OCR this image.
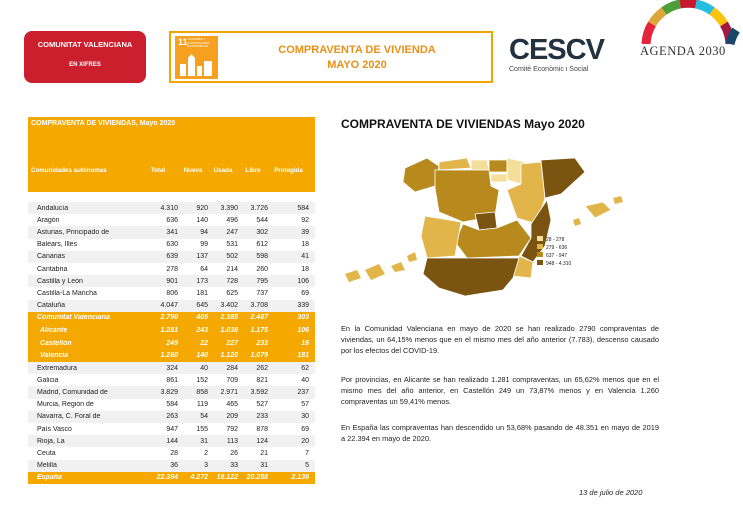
COMUNITAT VALENCIANA
EN XIFRES
11 CIUDADES Y COMUNIDADES SOSTENIBLES	COMPRAVENTA DE VIVIENDA
MAYO 2020	CESCV
Comitè Econòmic i Social
AGENDA 2030
COMPRAVENTA DE VIVIENDAS, Mayo 2020
Comunidades autónomas	Total	Nueva	Usada	Libre	Protegida
Andalucía	4.310	920	3.390	3.726	584
Aragón	636	140	496	544	92
Asturias, Principado de	341	94	247	302	39
Balears, Illes	630	99	531	612	18
Canarias	639	137	502	598	41
Cantabria	278	64	214	260	18
Castilla y León	901	173	728	795	106
Castilla-La Mancha	806	181	625	737	69
Cataluña	4.047	645	3.402	3.708	339
Comunitat Valenciana	2.790	405	2.385	2.487	303
Alicante	1.281	243	1.038	1.175	106
Castellón	249	22	227	233	16
Valencia	1.260	140	1.120	1.079	181
Extremadura	324	40	284	262	62
Galicia	861	152	709	821	40
Madrid, Comunidad de	3.829	858	2.971	3.592	237
Murcia, Región de	584	119	465	527	57
Navarra, C. Foral de	263	54	209	233	30
País Vasco	947	155	792	878	69
Rioja, La	144	31	113	124	20
Ceuta	28	2	26	21	7
Melilla	36	3	33	31	5
España	22.394	4.272	18.122	20.258	2.136
COMPRAVENTA DE VIVIENDAS Mayo 2020
28 - 278
279 - 636
637 - 947
948 - 4.310
En la Comunidad Valenciana en mayo de 2020 se han realizado 2790 compraventas de viviendas, un 64,15% menos que en el mismo mes del año anterior (7.783), descenso causado por los efectos del COVID-19.
Por provincias, en Alicante se han realizado 1.281 compraventas, un 65,62% menos que en el mismo mes del año anterior, en Castellón 249 un 73,87% menos y en Valencia 1.260 compraventas un 59,41% menos.
En España las compraventas han descendido un 53,68% pasando de 48.351 en mayo de 2019 a 22.394 en mayo de 2020.
13 de julio de 2020
